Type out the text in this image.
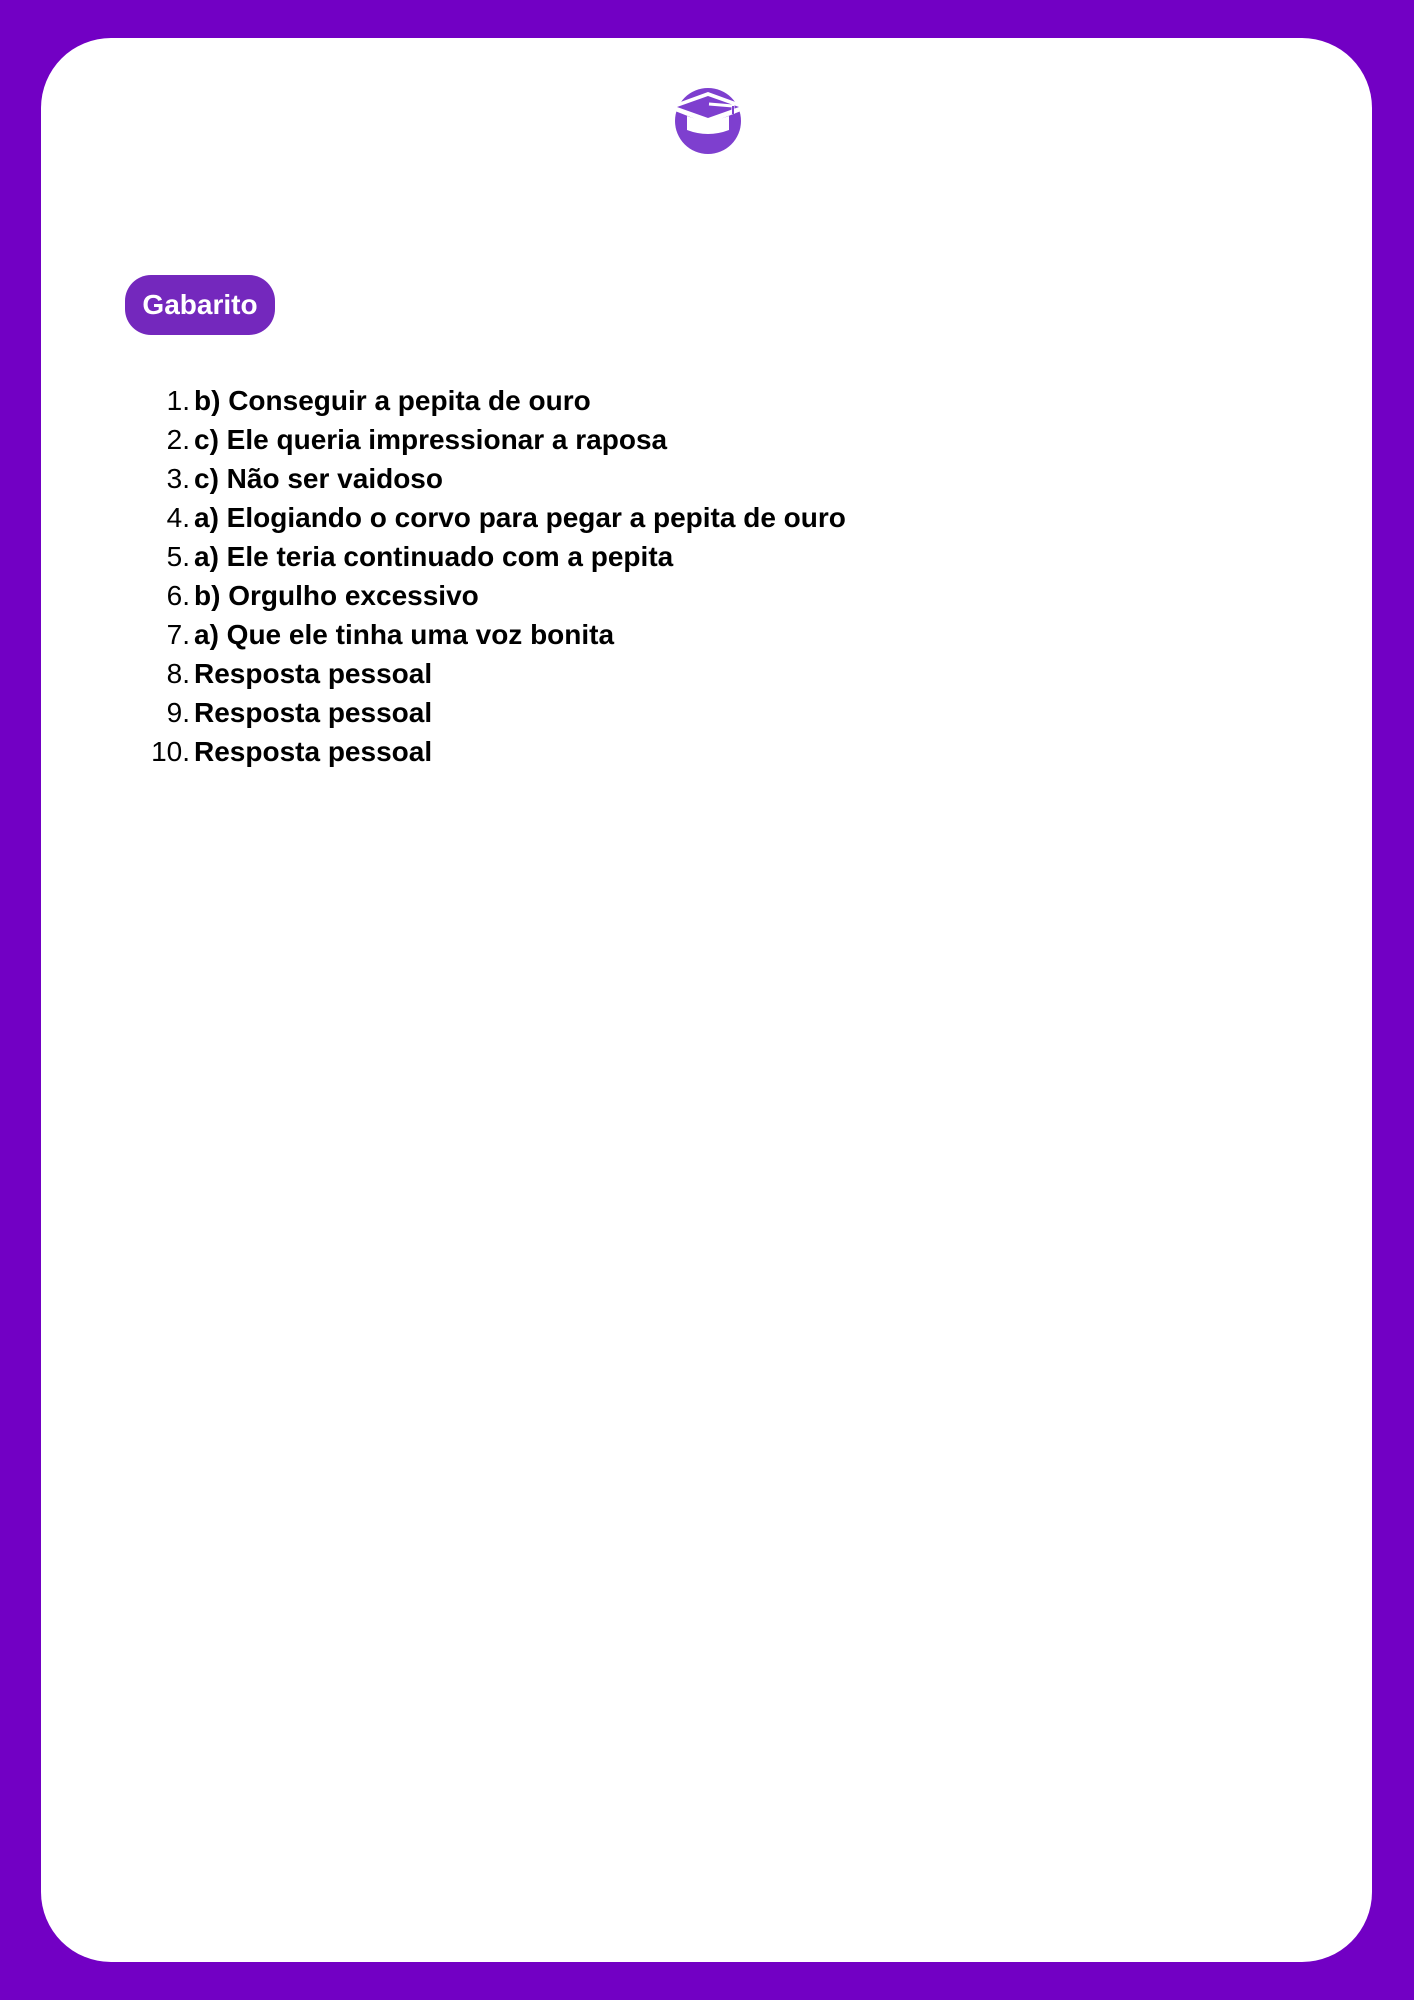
Gabarito
1. b) Conseguir a pepita de ouro
2. c) Ele queria impressionar a raposa
3. c) Não ser vaidoso
4. a) Elogiando o corvo para pegar a pepita de ouro
5. a) Ele teria continuado com a pepita
6. b) Orgulho excessivo
7. a) Que ele tinha uma voz bonita
8. Resposta pessoal
9. Resposta pessoal
10. Resposta pessoal
